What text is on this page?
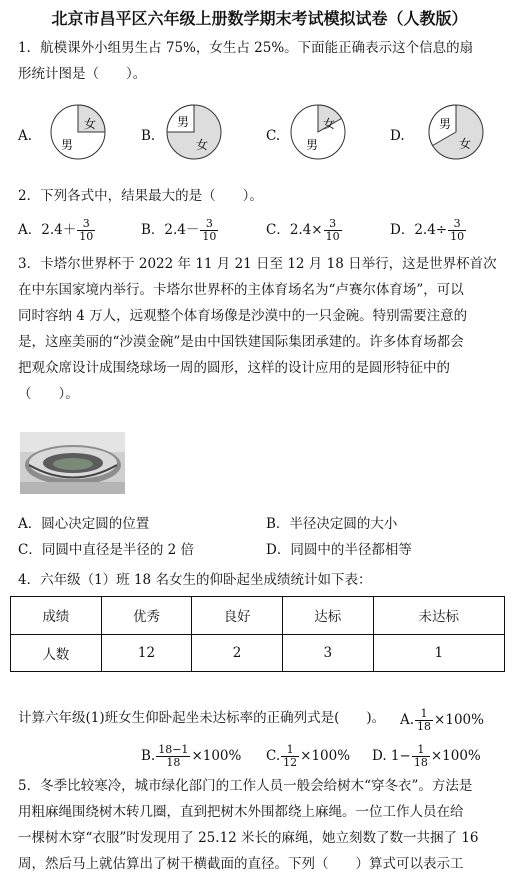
北京市昌平区六年级上册数学期末考试模拟试卷（人教版）
1．航模课外小组男生占 75%，女生占 25%。下面能正确表示这个信息的扇
形统计图是（　　）。
A.
女
男
B.
男
女
C.
女
男
D.
男
女
2．下列各式中，结果最大的是（　　）。
A．$2.4+ \frac{3}{10}$	B．$2.4- \frac{3}{10}$	C．$2.4\times \frac{3}{10}$	D．$2.4\div \frac{3}{10}$
3．卡塔尔世界杯于 2022 年 11 月 21 日至 12 月 18 日举行，这是世界杯首次
在中东国家境内举行。卡塔尔世界杯的主体育场名为“卢赛尔体育场”，可以
同时容纳 4 万人，远观整个体育场像是沙漠中的一只金碗。特别需要注意的
是，这座美丽的“沙漠金碗”是由中国铁建国际集团承建的。许多体育场都会
把观众席设计成围绕球场一周的圆形，这样的设计应用的是圆形特征中的
（　　）。
A．圆心决定圆的位置	B．半径决定圆的大小
C．同圆中直径是半径的 2 倍	D．同圆中的半径都相等
4．六年级（1）班 18 名女生的仰卧起坐成绩统计如下表：
成绩	优秀	良好	达标	未达标
人数	12	2	3	1
计算六年级(1)班女生仰卧起坐未达标率的正确列式是(　　)。 A. $\frac{1}{18} \times 100\%$
B. $\frac{18-1}{18} \times 100\%$ C. $\frac{1}{12} \times 100\%$ D. $1- \frac{1}{18} \times 100\%$
5．冬季比较寒冷，城市绿化部门的工作人员一般会给树木“穿冬衣”。方法是
用粗麻绳围绕树木转几圈，直到把树木外围都绕上麻绳。一位工作人员在给
一棵树木穿“衣服”时发现用了 25.12 米长的麻绳，她立刻数了数一共捆了 16
周，然后马上就估算出了树干横截面的直径。下列（　　）算式可以表示工
